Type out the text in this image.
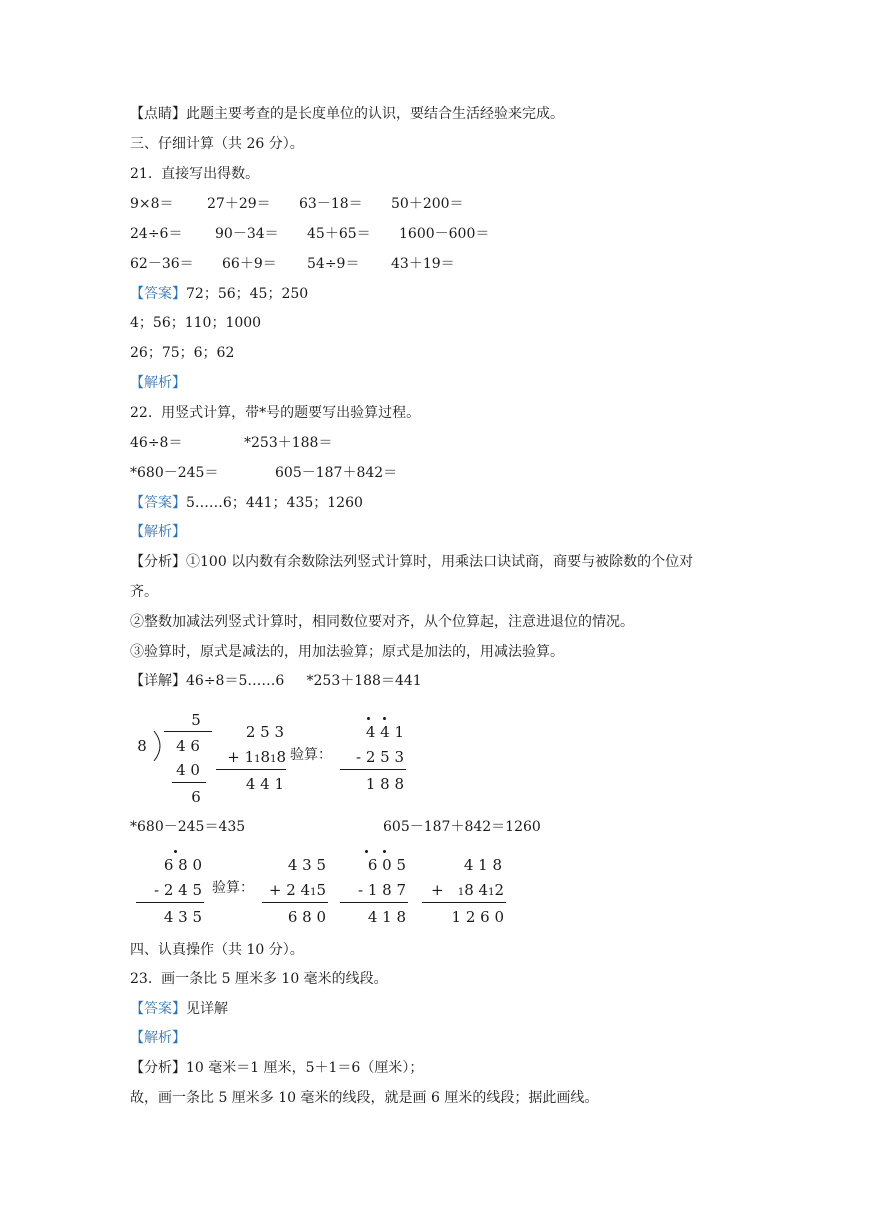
【点睛】此题主要考查的是长度单位的认识，要结合生活经验来完成。
三、仔细计算（共 26 分）。
21.  直接写出得数。
9×8＝ 27＋29＝ 63－18＝ 50＋200＝
24÷6＝ 90－34＝ 45＋65＝ 1600－600＝
62－36＝ 66＋9＝ 54÷9＝ 43＋19＝
【答案】72；56；45；250
4；56；110；1000
26；75；6；62
【解析】
22.  用竖式计算，带*号的题要写出验算过程。
46÷8＝	*253＋188＝
*680－245＝	605－187＋842＝
【答案】5……6；441；435；1260
【解析】
【分析】①100 以内数有余数除法列竖式计算时，用乘法口诀试商，商要与被除数的个位对
齐。
②整数加减法列竖式计算时，相同数位要对齐，从个位算起，注意进退位的情况。
③验算时，原式是减法的，用加法验算；原式是加法的，用减法验算。
【详解】46÷8＝5……6     *253＋188＝441
5
8	4 6
4 0
6
2 5 3
+ 11818
4 4 1
验算：
4 4 1
- 2 5 3
1 8 8
*680－245＝435	605－187＋842＝1260
6 8 0
- 2 4 5
4 3 5
验算：
4 3 5
+ 2 415
6 8 0
6 0 5
- 1 8 7
4 1 8
4 1 8
+ 18 412
1 2 6 0
四、认真操作（共 10 分）。
23.  画一条比 5 厘米多 10 毫米的线段。
【答案】见详解
【解析】
【分析】10 毫米＝1 厘米，5＋1＝6（厘米）；
故，画一条比 5 厘米多 10 毫米的线段，就是画 6 厘米的线段；据此画线。
